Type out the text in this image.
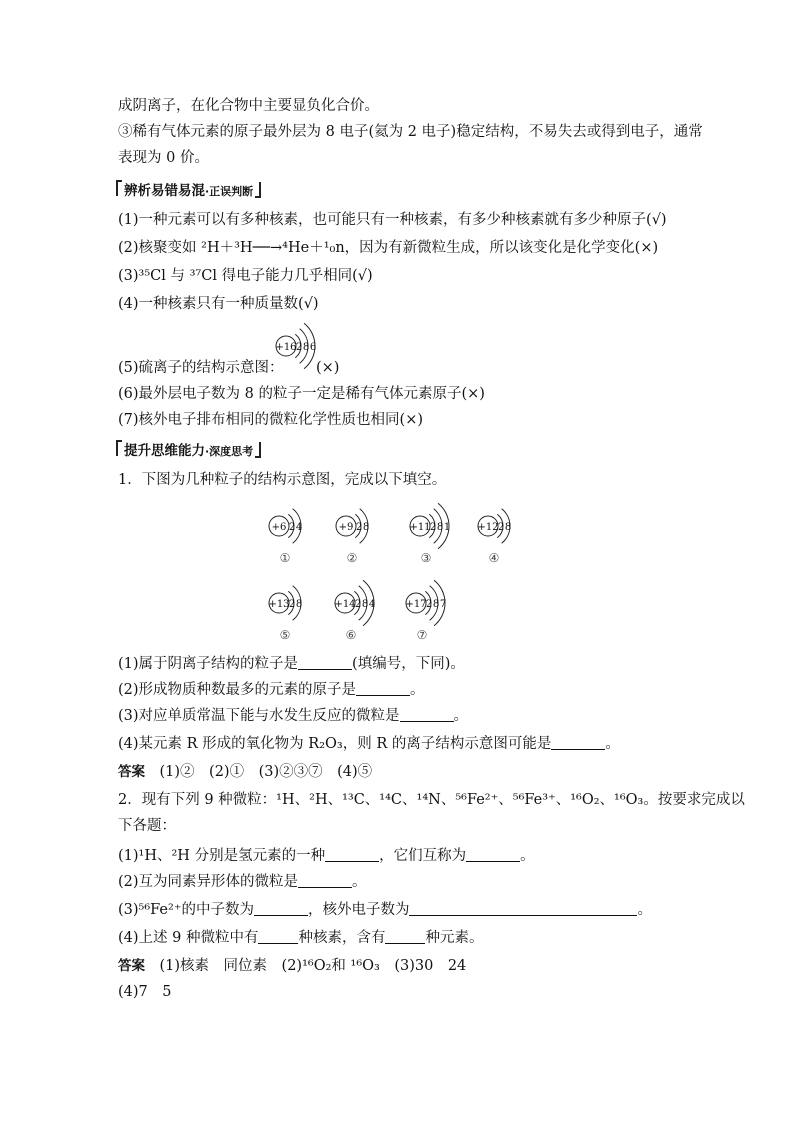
成阴离子，在化合物中主要显负化合价。
③稀有气体元素的原子最外层为 8 电子(氦为 2 电子)稳定结构，不易失去或得到电子，通常
表现为 0 价。
辨析易错易混·正误判断
(1)一种元素可以有多种核素，也可能只有一种核素，有多少种核素就有多少种原子(√)
(2)核聚变如 ²H＋³H──→⁴He＋¹₀n，因为有新微粒生成，所以该变化是化学变化(×)
(3)³⁵Cl 与 ³⁷Cl 得电子能力几乎相同(√)
(4)一种核素只有一种质量数(√)
(5)硫离子的结构示意图： (×)
(6)最外层电子数为 8 的粒子一定是稀有气体元素原子(×)
(7)核外电子排布相同的微粒化学性质也相同(×)
提升思维能力·深度思考
1．下图为几种粒子的结构示意图，完成以下填空。
+16 2 8 6
+6 2 4
①
+9 2 8
②
+11 2 8 1
③
+12 2 8
④
+13 2 8
⑤
+14 2 8 4
⑥
+17 2 8 7
⑦
(1)属于阴离子结构的粒子是	(填编号，下同)。
(2)形成物质种数最多的元素的原子是	。
(3)对应单质常温下能与水发生反应的微粒是	。
(4)某元素 R 形成的氧化物为 R₂O₃，则 R 的离子结构示意图可能是	。
答案　 (1)②　(2)①　(3)②③⑦　(4)⑤
2．现有下列 9 种微粒：¹H、²H、¹³C、¹⁴C、¹⁴N、⁵⁶Fe²⁺、⁵⁶Fe³⁺、¹⁶O₂、¹⁶O₃。按要求完成以
下各题：
(1)¹H、²H 分别是氢元素的一种	，它们互称为	。
(2)互为同素异形体的微粒是	。
(3)⁵⁶Fe²⁺的中子数为	，核外电子数为	。
(4)上述 9 种微粒中有	种核素，含有	种元素。
答案　 (1)核素　同位素　(2)¹⁶O₂和 ¹⁶O₃　(3)30　24
(4)7　5
